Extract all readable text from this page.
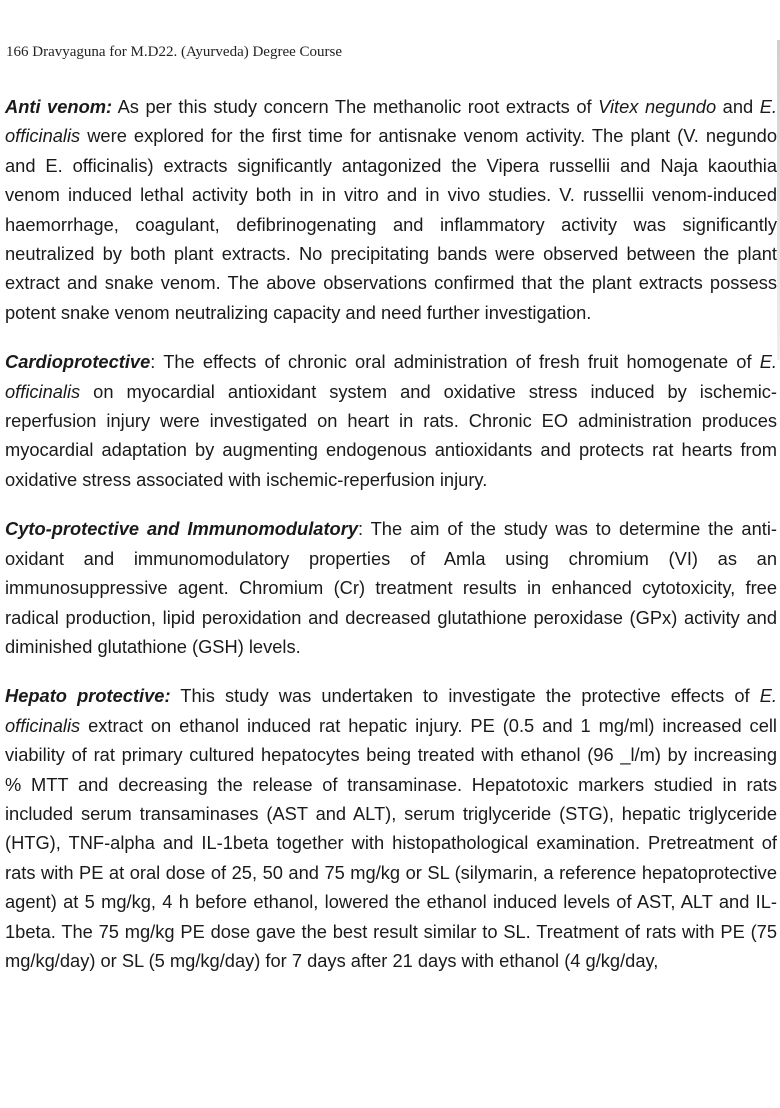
166 Dravyaguna for M.D22. (Ayurveda) Degree Course

Anti venom: As per this study concern The methanolic root extracts of Vitex negundo and E. officinalis were explored for the first time for antisnake venom activity. The plant (V. negundo and E. officinalis) extracts significantly antagonized the Vipera russellii and Naja kaouthia venom induced lethal activity both in in vitro and in vivo studies. V. russellii venom-induced haemorrhage, coagulant, defibrinogenating and inflammatory activity was significantly neutralized by both plant extracts. No precipitating bands were observed between the plant extract and snake venom. The above observations confirmed that the plant extracts possess potent snake venom neutralizing capacity and need further investigation.

Cardioprotective: The effects of chronic oral administration of fresh fruit homogenate of E. officinalis on myocardial antioxidant system and oxidative stress induced by ischemic-reperfusion injury were investigated on heart in rats. Chronic EO administration produces myocardial adaptation by augmenting endogenous antioxidants and protects rat hearts from oxidative stress associated with ischemic-reperfusion injury.

Cyto-protective and Immunomodulatory: The aim of the study was to determine the anti-oxidant and immunomodulatory properties of Amla using chromium (VI) as an immunosuppressive agent. Chromium (Cr) treatment results in enhanced cytotoxicity, free radical production, lipid peroxidation and decreased glutathione peroxidase (GPx) activity and diminished glutathione (GSH) levels.

Hepato protective: This study was undertaken to investigate the protective effects of E. officinalis extract on ethanol induced rat hepatic injury. PE (0.5 and 1 mg/ml) increased cell viability of rat primary cultured hepatocytes being treated with ethanol (96 _l/m) by increasing % MTT and decreasing the release of transaminase. Hepatotoxic markers studied in rats included serum transaminases (AST and ALT), serum triglyceride (STG), hepatic triglyceride (HTG), TNF-alpha and IL-1beta together with histopathological examination. Pretreatment of rats with PE at oral dose of 25, 50 and 75 mg/kg or SL (silymarin, a reference hepatoprotective agent) at 5 mg/kg, 4 h before ethanol, lowered the ethanol induced levels of AST, ALT and IL-1beta. The 75 mg/kg PE dose gave the best result similar to SL. Treatment of rats with PE (75 mg/kg/day) or SL (5 mg/kg/day) for 7 days after 21 days with ethanol (4 g/kg/day,
